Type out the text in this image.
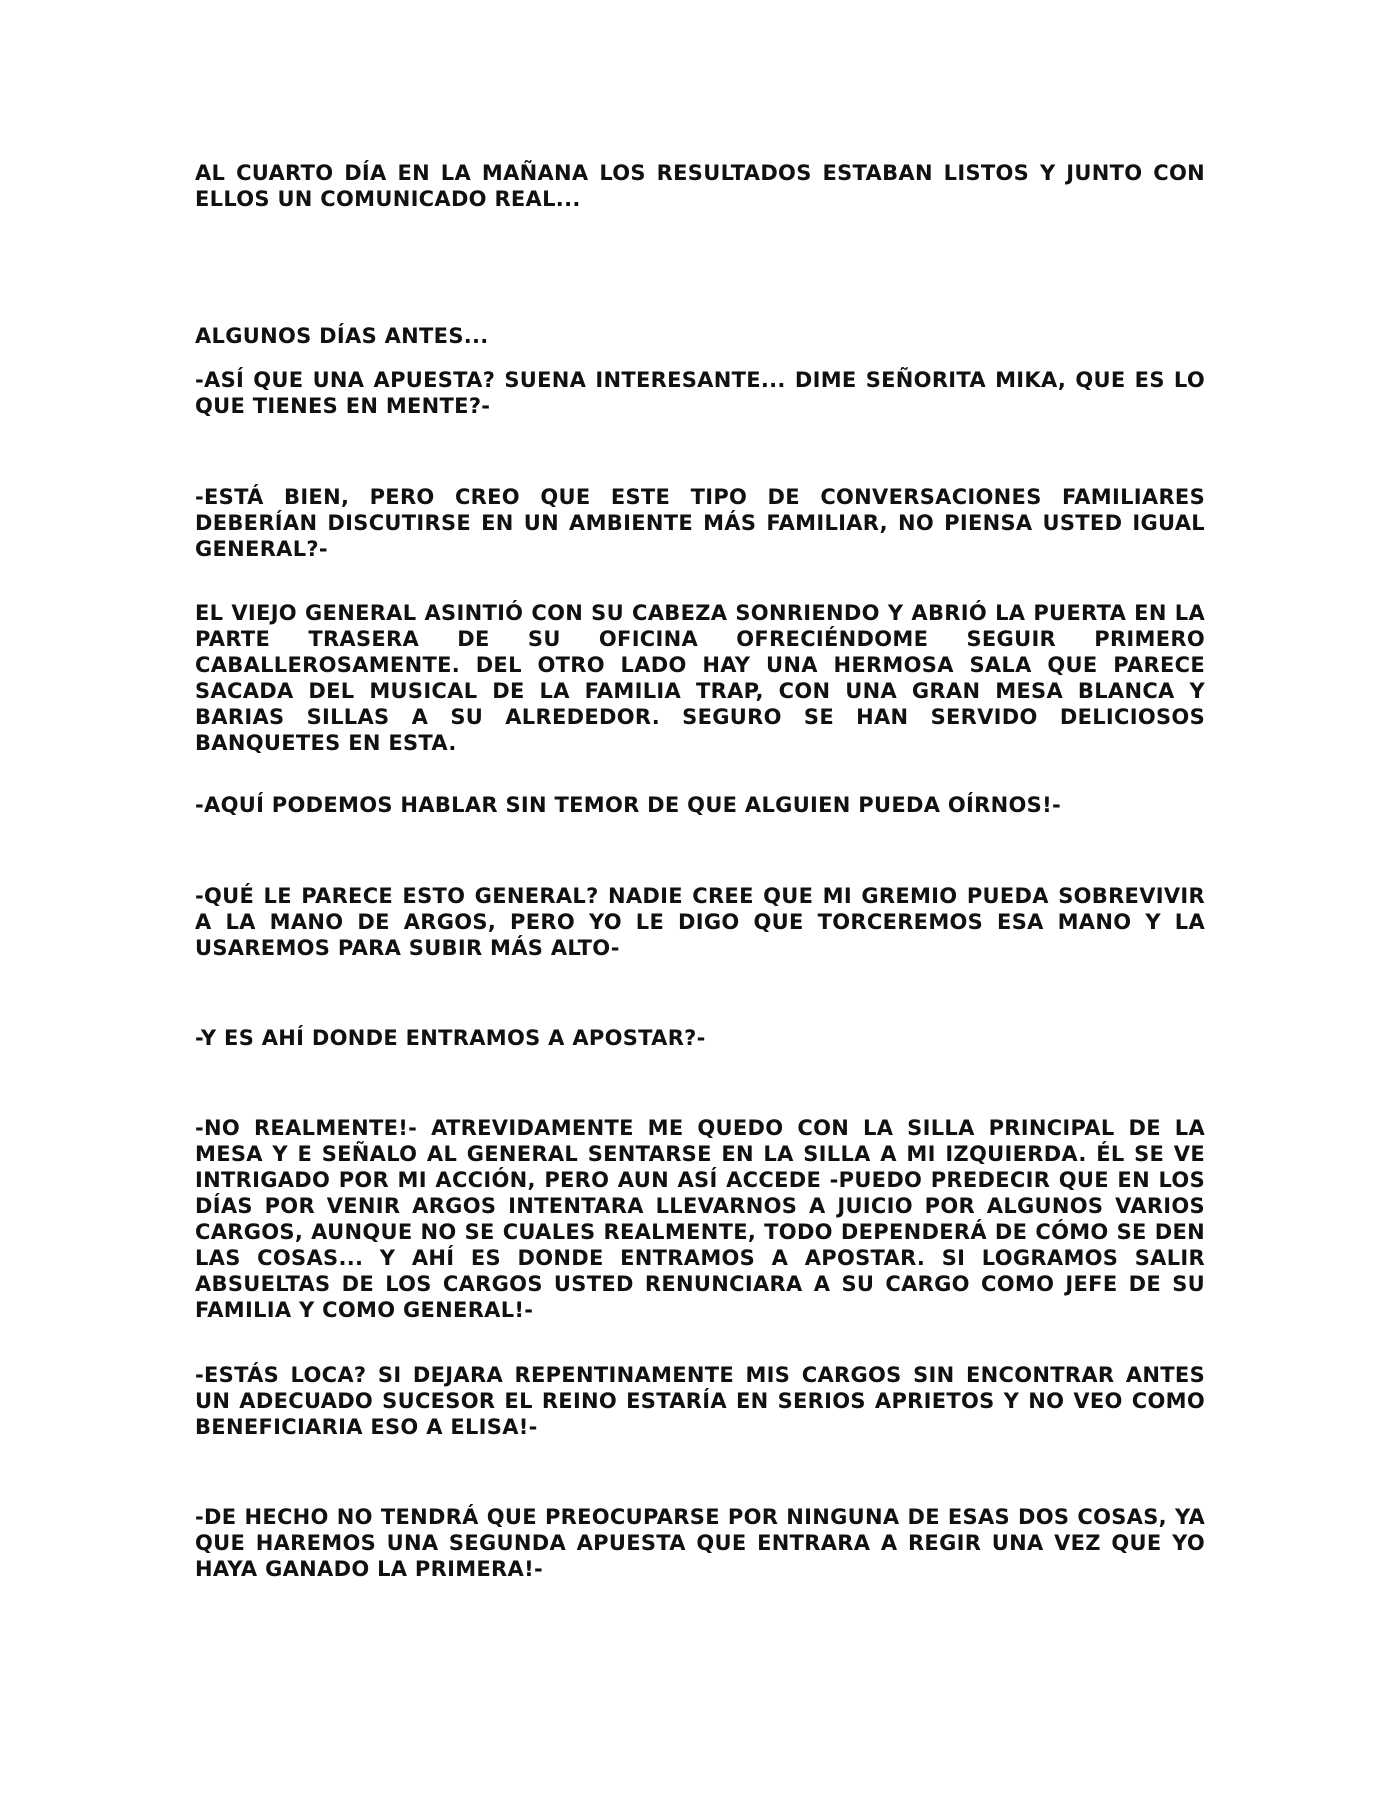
AL CUARTO DÍA EN LA MAÑANA LOS RESULTADOS ESTABAN LISTOS Y JUNTO CON ELLOS UN COMUNICADO REAL...

ALGUNOS DÍAS ANTES...

-ASÍ QUE UNA APUESTA? SUENA INTERESANTE... DIME SEÑORITA MIKA, QUE ES LO QUE TIENES EN MENTE?-

-ESTÁ BIEN, PERO CREO QUE ESTE TIPO DE CONVERSACIONES FAMILIARES DEBERÍAN DISCUTIRSE EN UN AMBIENTE MÁS FAMILIAR, NO PIENSA USTED IGUAL GENERAL?-

EL VIEJO GENERAL ASINTIÓ CON SU CABEZA SONRIENDO Y ABRIÓ LA PUERTA EN LA PARTE TRASERA DE SU OFICINA OFRECIÉNDOME SEGUIR PRIMERO CABALLEROSAMENTE. DEL OTRO LADO HAY UNA HERMOSA SALA QUE PARECE SACADA DEL MUSICAL DE LA FAMILIA TRAP, CON UNA GRAN MESA BLANCA Y BARIAS SILLAS A SU ALREDEDOR. SEGURO SE HAN SERVIDO DELICIOSOS BANQUETES EN ESTA.

-AQUÍ PODEMOS HABLAR SIN TEMOR DE QUE ALGUIEN PUEDA OÍRNOS!-

-QUÉ LE PARECE ESTO GENERAL? NADIE CREE QUE MI GREMIO PUEDA SOBREVIVIR A LA MANO DE ARGOS, PERO YO LE DIGO QUE TORCEREMOS ESA MANO Y LA USAREMOS PARA SUBIR MÁS ALTO-

-Y ES AHÍ DONDE ENTRAMOS A APOSTAR?-

-NO REALMENTE!- ATREVIDAMENTE ME QUEDO CON LA SILLA PRINCIPAL DE LA MESA Y E SEÑALO AL GENERAL SENTARSE EN LA SILLA A MI IZQUIERDA. ÉL SE VE INTRIGADO POR MI ACCIÓN, PERO AUN ASÍ ACCEDE -PUEDO PREDECIR QUE EN LOS DÍAS POR VENIR ARGOS INTENTARA LLEVARNOS A JUICIO POR ALGUNOS VARIOS CARGOS, AUNQUE NO SE CUALES REALMENTE, TODO DEPENDERÁ DE CÓMO SE DEN LAS COSAS... Y AHÍ ES DONDE ENTRAMOS A APOSTAR. SI LOGRAMOS SALIR ABSUELTAS DE LOS CARGOS USTED RENUNCIARA A SU CARGO COMO JEFE DE SU FAMILIA Y COMO GENERAL!-

-ESTÁS LOCA? SI DEJARA REPENTINAMENTE MIS CARGOS SIN ENCONTRAR ANTES UN ADECUADO SUCESOR EL REINO ESTARÍA EN SERIOS APRIETOS Y NO VEO COMO BENEFICIARIA ESO A ELISA!-

-DE HECHO NO TENDRÁ QUE PREOCUPARSE POR NINGUNA DE ESAS DOS COSAS, YA QUE HAREMOS UNA SEGUNDA APUESTA QUE ENTRARA A REGIR UNA VEZ QUE YO HAYA GANADO LA PRIMERA!-
